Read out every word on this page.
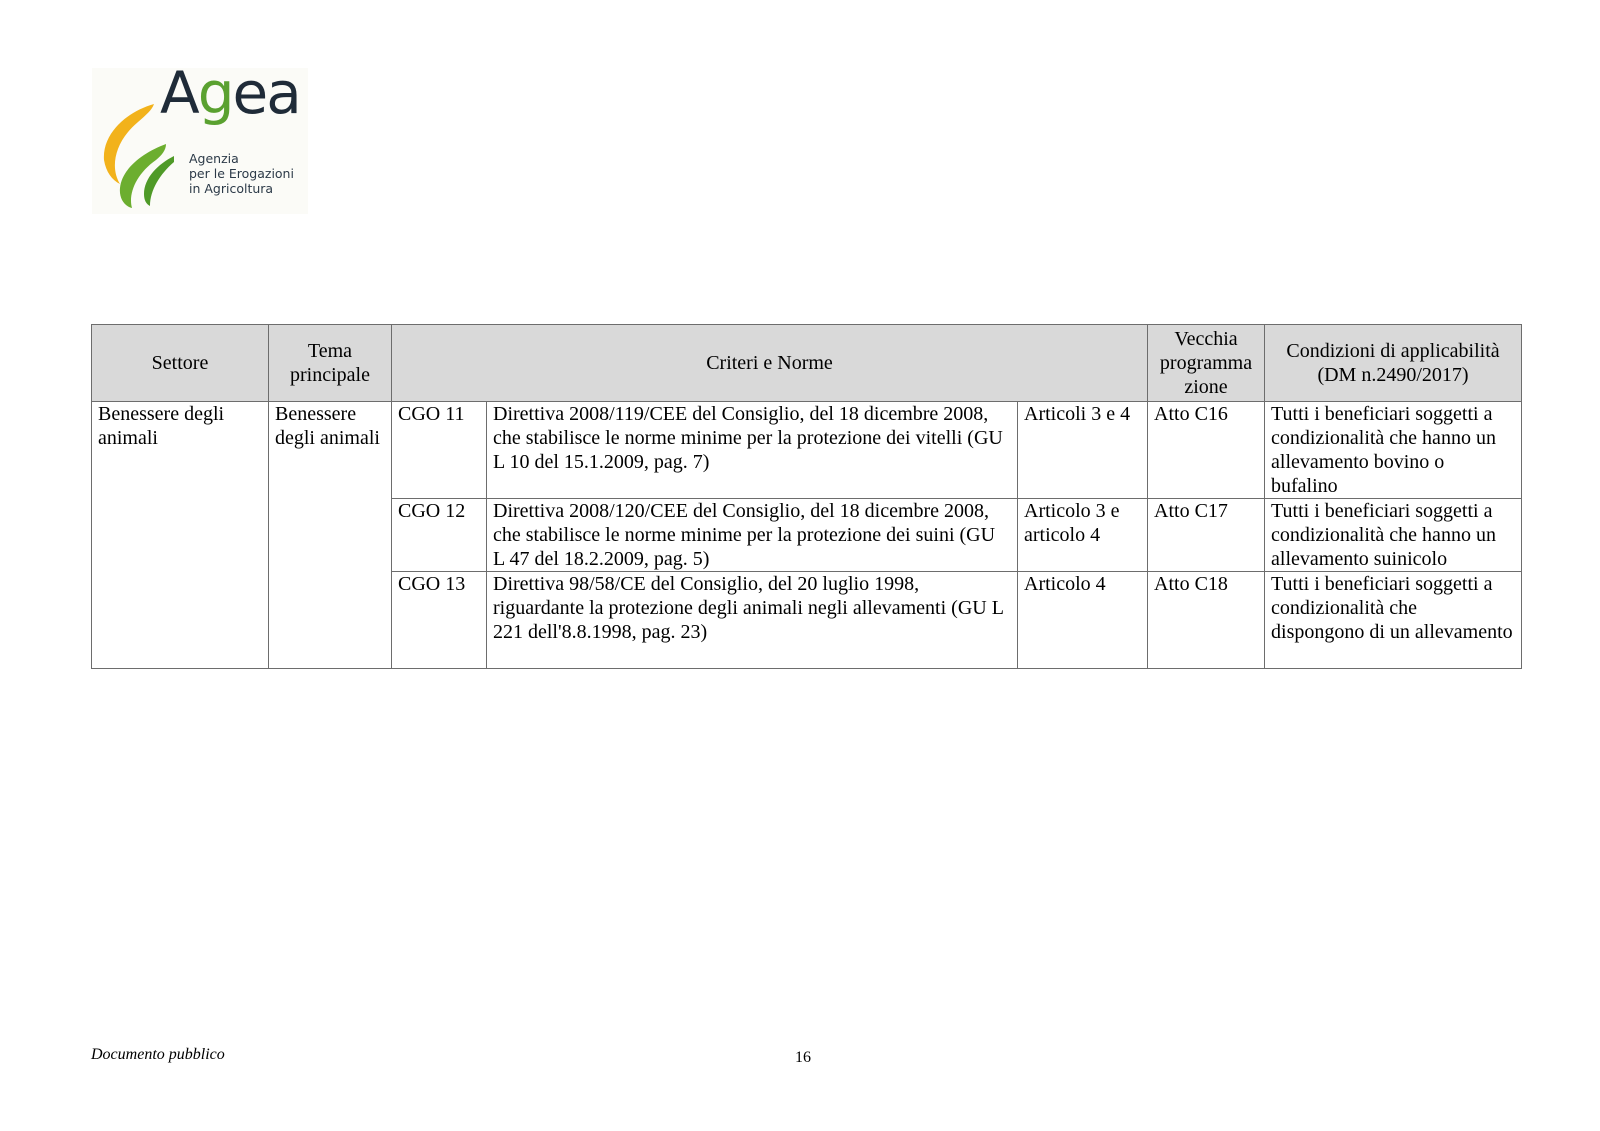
Agea
Agenzia
per le Erogazioni
in Agricoltura
Settore	Tema principale	Criteri e Norme			Vecchia programma zione	Condizioni di applicabilità (DM n.2490/2017)
Benessere degli animali	Benessere degli animali	CGO 11	Direttiva 2008/119/CEE del Consiglio, del 18 dicembre 2008, che stabilisce le norme minime per la protezione dei vitelli (GU L 10 del 15.1.2009, pag. 7)	Articoli 3 e 4	Atto C16	Tutti i beneficiari soggetti a condizionalità che hanno un allevamento bovino o bufalino
		CGO 12	Direttiva 2008/120/CEE del Consiglio, del 18 dicembre 2008, che stabilisce le norme minime per la protezione dei suini (GU L 47 del 18.2.2009, pag. 5)	Articolo 3 e articolo 4	Atto C17	Tutti i beneficiari soggetti a condizionalità che hanno un allevamento suinicolo
		CGO 13	Direttiva 98/58/CE del Consiglio, del 20 luglio 1998, riguardante la protezione degli animali negli allevamenti (GU L 221 dell'8.8.1998, pag. 23)	Articolo 4	Atto C18	Tutti i beneficiari soggetti a condizionalità che dispongono di un allevamento
Documento pubblico	16
